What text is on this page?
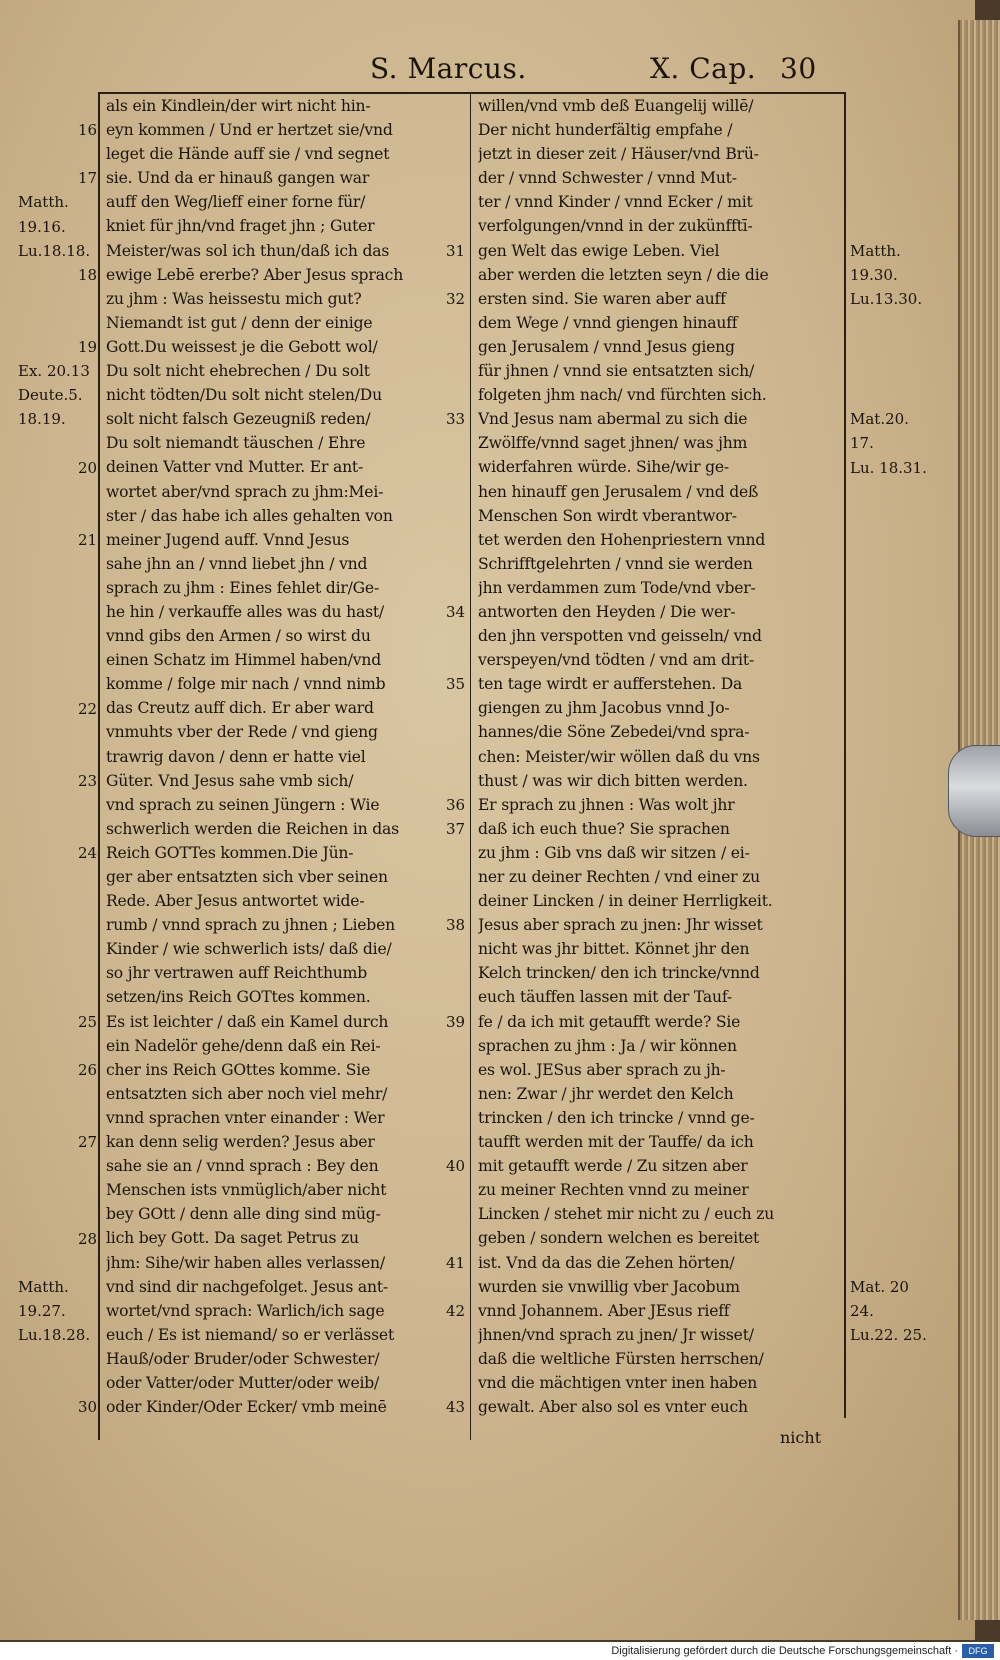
S. Marcus.	X. Cap. 30
als ein Kindlein/der wirt nicht hin-
eyn kommen / Und er hertzet sie/vnd
leget die Hände auff sie / vnd segnet
sie. Und da er hinauß gangen war
auff den Weg/lieff einer forne für/
kniet für jhn/vnd fraget jhn ; Guter
Meister/was sol ich thun/daß ich das
ewige Lebē ererbe? Aber Jesus sprach
zu jhm : Was heissestu mich gut?
Niemandt ist gut / denn der einige
Gott.Du weissest je die Gebott wol/
Du solt nicht ehebrechen / Du solt
nicht tödten/Du solt nicht stelen/Du
solt nicht falsch Gezeugniß reden/
Du solt niemandt täuschen / Ehre
deinen Vatter vnd Mutter. Er ant-
wortet aber/vnd sprach zu jhm:Mei-
ster / das habe ich alles gehalten von
meiner Jugend auff. Vnnd Jesus
sahe jhn an / vnnd liebet jhn / vnd
sprach zu jhm : Eines fehlet dir/Ge-
he hin / verkauffe alles was du hast/
vnnd gibs den Armen / so wirst du
einen Schatz im Himmel haben/vnd
komme / folge mir nach / vnnd nimb
das Creutz auff dich. Er aber ward
vnmuhts vber der Rede / vnd gieng
trawrig davon / denn er hatte viel
Güter. Vnd Jesus sahe vmb sich/
vnd sprach zu seinen Jüngern : Wie
schwerlich werden die Reichen in das
Reich GOTTes kommen.Die Jün-
ger aber entsatzten sich vber seinen
Rede. Aber Jesus antwortet wide-
rumb / vnnd sprach zu jhnen ; Lieben
Kinder / wie schwerlich ists/ daß die/
so jhr vertrawen auff Reichthumb
setzen/ins Reich GOTtes kommen.
Es ist leichter / daß ein Kamel durch
ein Nadelör gehe/denn daß ein Rei-
cher ins Reich GOttes komme. Sie
entsatzten sich aber noch viel mehr/
vnnd sprachen vnter einander : Wer
kan denn selig werden? Jesus aber
sahe sie an / vnnd sprach : Bey den
Menschen ists vnmüglich/aber nicht
bey GOtt / denn alle ding sind müg-
lich bey Gott. Da saget Petrus zu
jhm: Sihe/wir haben alles verlassen/
vnd sind dir nachgefolget. Jesus ant-
wortet/vnd sprach: Warlich/ich sage
euch / Es ist niemand/ so er verlässet
Hauß/oder Bruder/oder Schwester/
oder Vatter/oder Mutter/oder weib/
oder Kinder/Oder Ecker/ vmb meinē
willen/vnd vmb deß Euangelij willē/
Der nicht hunderfältig empfahe /
jetzt in dieser zeit / Häuser/vnd Brü-
der / vnnd Schwester / vnnd Mut-
ter / vnnd Kinder / vnnd Ecker / mit
verfolgungen/vnnd in der zukünfftī-
gen Welt das ewige Leben. Viel
aber werden die letzten seyn / die die
ersten sind. Sie waren aber auff
dem Wege / vnnd giengen hinauff
gen Jerusalem / vnnd Jesus gieng
für jhnen / vnnd sie entsatzten sich/
folgeten jhm nach/ vnd fürchten sich.
Vnd Jesus nam abermal zu sich die
Zwölffe/vnnd saget jhnen/ was jhm
widerfahren würde. Sihe/wir ge-
hen hinauff gen Jerusalem / vnd deß
Menschen Son wirdt vberantwor-
tet werden den Hohenpriestern vnnd
Schrifftgelehrten / vnnd sie werden
jhn verdammen zum Tode/vnd vber-
antworten den Heyden / Die wer-
den jhn verspotten vnd geisseln/ vnd
verspeyen/vnd tödten / vnd am drit-
ten tage wirdt er aufferstehen. Da
giengen zu jhm Jacobus vnnd Jo-
hannes/die Söne Zebedei/vnd spra-
chen: Meister/wir wöllen daß du vns
thust / was wir dich bitten werden.
Er sprach zu jhnen : Was wolt jhr
daß ich euch thue? Sie sprachen
zu jhm : Gib vns daß wir sitzen / ei-
ner zu deiner Rechten / vnd einer zu
deiner Lincken / in deiner Herrligkeit.
Jesus aber sprach zu jnen: Jhr wisset
nicht was jhr bittet. Könnet jhr den
Kelch trincken/ den ich trincke/vnnd
euch täuffen lassen mit der Tauf-
fe / da ich mit getaufft werde? Sie
sprachen zu jhm : Ja / wir können
es wol. JESus aber sprach zu jh-
nen: Zwar / jhr werdet den Kelch
trincken / den ich trincke / vnnd ge-
taufft werden mit der Tauffe/ da ich
mit getaufft werde / Zu sitzen aber
zu meiner Rechten vnnd zu meiner
Lincken / stehet mir nicht zu / euch zu
geben / sondern welchen es bereitet
ist. Vnd da das die Zehen hörten/
wurden sie vnwillig vber Jacobum
vnnd Johannem. Aber JEsus rieff
jhnen/vnd sprach zu jnen/ Jr wisset/
daß die weltliche Fürsten herrschen/
vnd die mächtigen vnter inen haben
gewalt. Aber also sol es vnter euch
16
17
18
19
20
21
22
23
24
25
26
27
28
30
31
32
33
34
35
36
37
38
39
40
41
42
43
Matth.
19.16.
Lu.18.18.
Ex. 20.13
Deute.5.
18.19.
Matth.
19.27.
Lu.18.28.
Matth.
19.30.
Lu.13.30.
Mat.20.
17.
Lu. 18.31.
Mat. 20
24.
Lu.22. 25.
nicht
Digitalisierung gefördert durch die Deutsche Forschungsgemeinschaft ·	DFG
